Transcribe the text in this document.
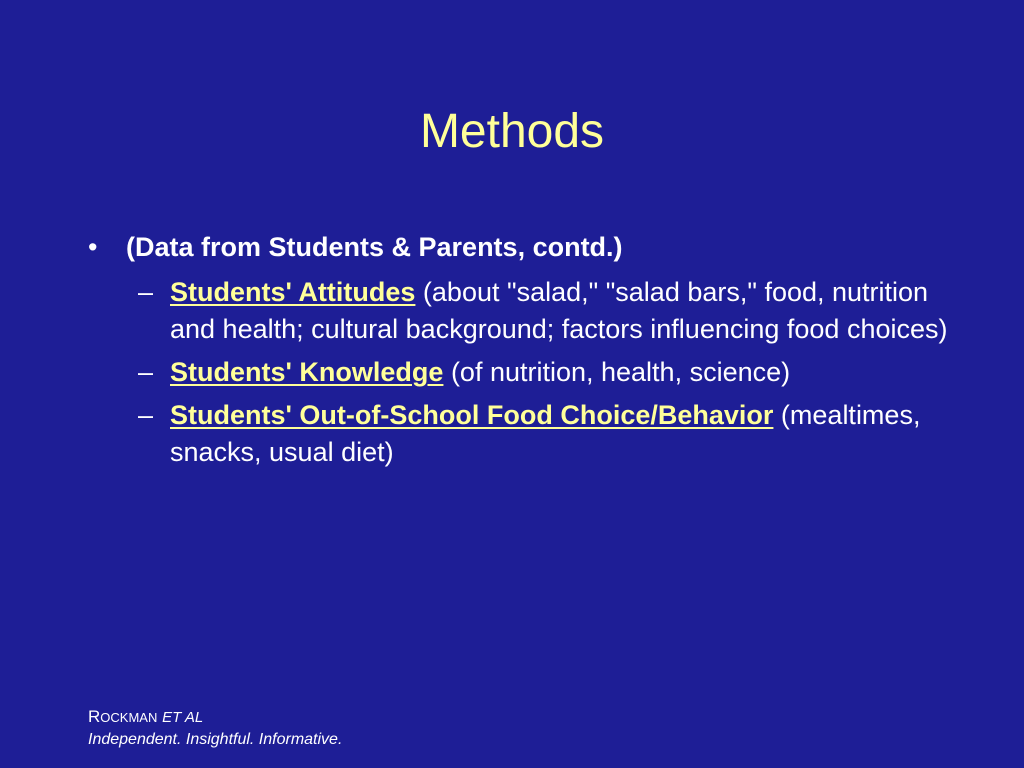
Methods
• (Data from Students & Parents, contd.)
– Students' Attitudes (about "salad," "salad bars," food, nutrition and health; cultural background; factors influencing food choices)
– Students' Knowledge (of nutrition, health, science)
– Students' Out-of-School Food Choice/Behavior (mealtimes, snacks, usual diet)
ROCKMAN ET AL
Independent. Insightful. Informative.
